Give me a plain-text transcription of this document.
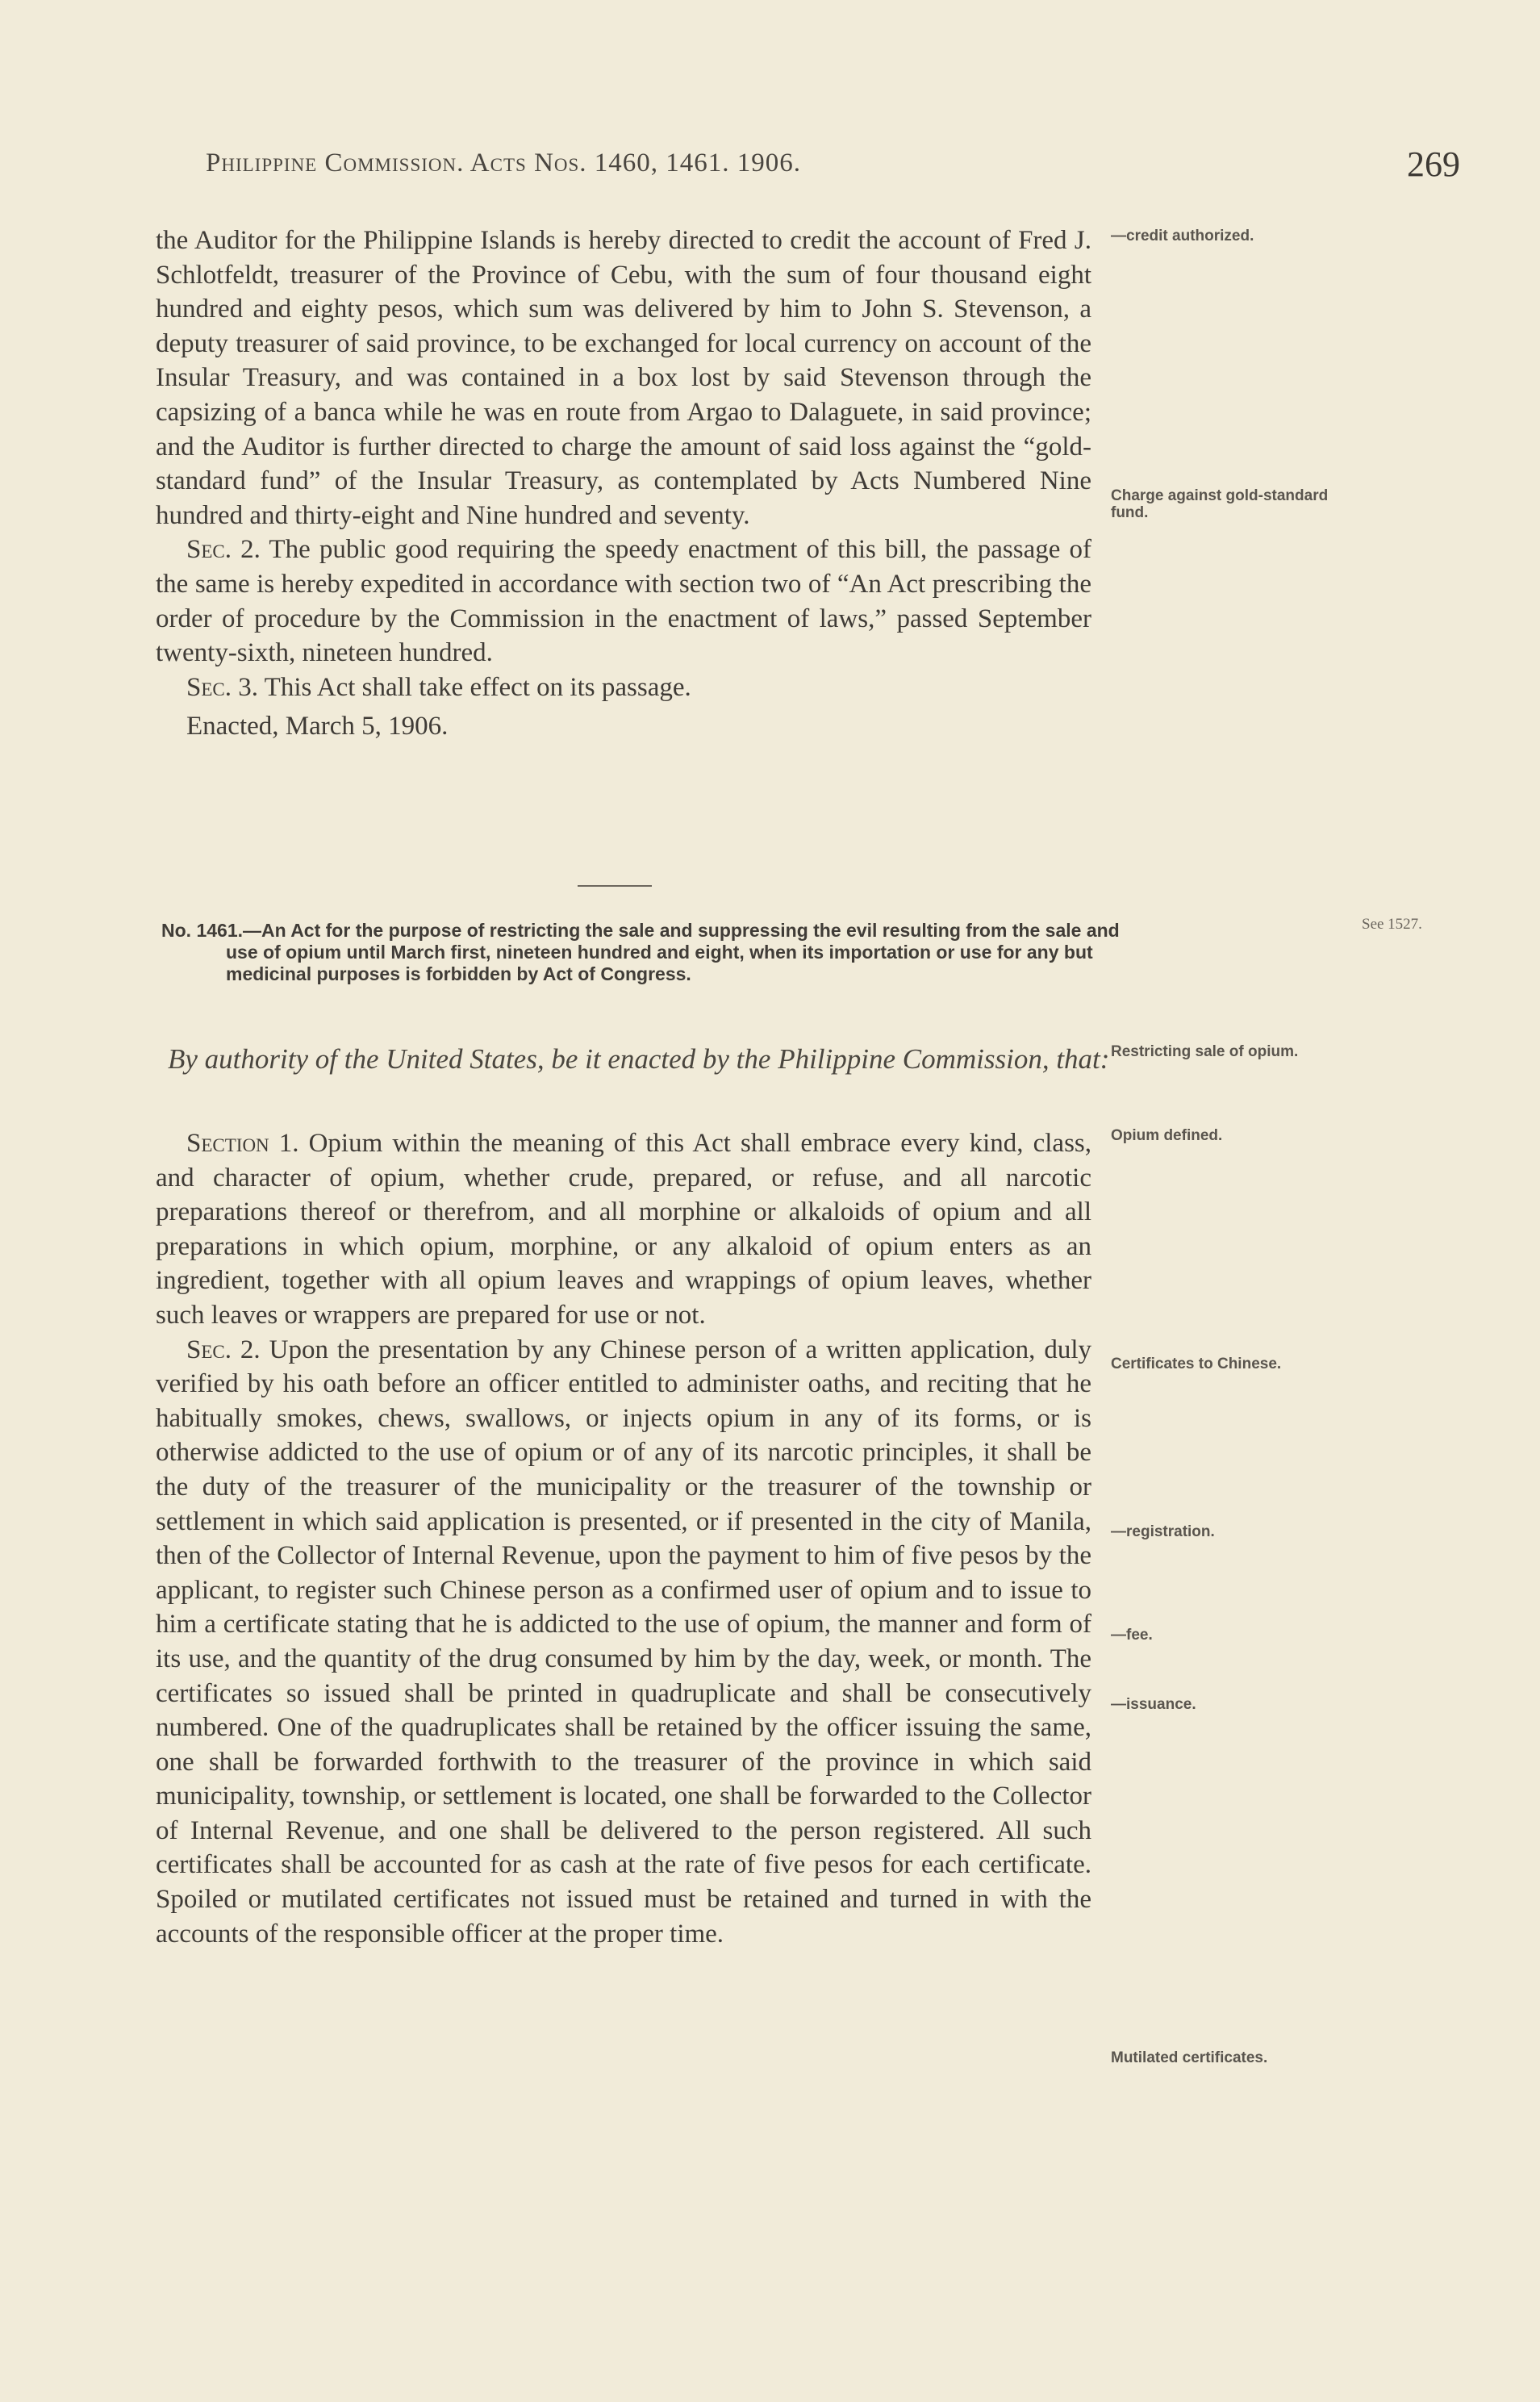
Philippine Commission. Acts Nos. 1460, 1461. 1906.	269

the Auditor for the Philippine Islands is hereby directed to credit the account of Fred J. Schlotfeldt, treasurer of the Province of Cebu, with the sum of four thousand eight hundred and eighty pesos, which sum was delivered by him to John S. Stevenson, a deputy treasurer of said province, to be exchanged for local currency on account of the Insular Treasury, and was contained in a box lost by said Stevenson through the capsizing of a banca while he was en route from Argao to Dalaguete, in said province; and the Auditor is further directed to charge the amount of said loss against the “gold-standard fund” of the Insular Treasury, as contemplated by Acts Numbered Nine hundred and thirty-eight and Nine hundred and seventy.

Sec. 2. The public good requiring the speedy enactment of this bill, the passage of the same is hereby expedited in accordance with section two of “An Act prescribing the order of procedure by the Commission in the enactment of laws,” passed September twenty-sixth, nineteen hundred.

Sec. 3. This Act shall take effect on its passage.

Enacted, March 5, 1906.

See 1527.
No. 1461.—An Act for the purpose of restricting the sale and suppressing the evil resulting from the sale and use of opium until March first, nineteen hundred and eight, when its importation or use for any but medicinal purposes is forbidden by Act of Congress.
By authority of the United States, be it enacted by the Philippine Commission, that:

Section 1. Opium within the meaning of this Act shall embrace every kind, class, and character of opium, whether crude, prepared, or refuse, and all narcotic preparations thereof or therefrom, and all morphine or alkaloids of opium and all preparations in which opium, morphine, or any alkaloid of opium enters as an ingredient, together with all opium leaves and wrappings of opium leaves, whether such leaves or wrappers are prepared for use or not.

Sec. 2. Upon the presentation by any Chinese person of a written application, duly verified by his oath before an officer entitled to administer oaths, and reciting that he habitually smokes, chews, swallows, or injects opium in any of its forms, or is otherwise addicted to the use of opium or of any of its narcotic principles, it shall be the duty of the treasurer of the municipality or the treasurer of the township or settlement in which said application is presented, or if presented in the city of Manila, then of the Collector of Internal Revenue, upon the payment to him of five pesos by the applicant, to register such Chinese person as a confirmed user of opium and to issue to him a certificate stating that he is addicted to the use of opium, the manner and form of its use, and the quantity of the drug consumed by him by the day, week, or month. The certificates so issued shall be printed in quadruplicate and shall be consecutively numbered. One of the quadruplicates shall be retained by the officer issuing the same, one shall be forwarded forthwith to the treasurer of the province in which said municipality, township, or settlement is located, one shall be forwarded to the Collector of Internal Revenue, and one shall be delivered to the person registered. All such certificates shall be accounted for as cash at the rate of five pesos for each certificate. Spoiled or mutilated certificates not issued must be retained and turned in with the accounts of the responsible officer at the proper time.

—credit authorized.
Charge against gold-standard fund.
Restricting sale of opium.
Opium defined.
Certificates to Chinese.
—registration.
—fee.
—issuance.
Mutilated certificates.
